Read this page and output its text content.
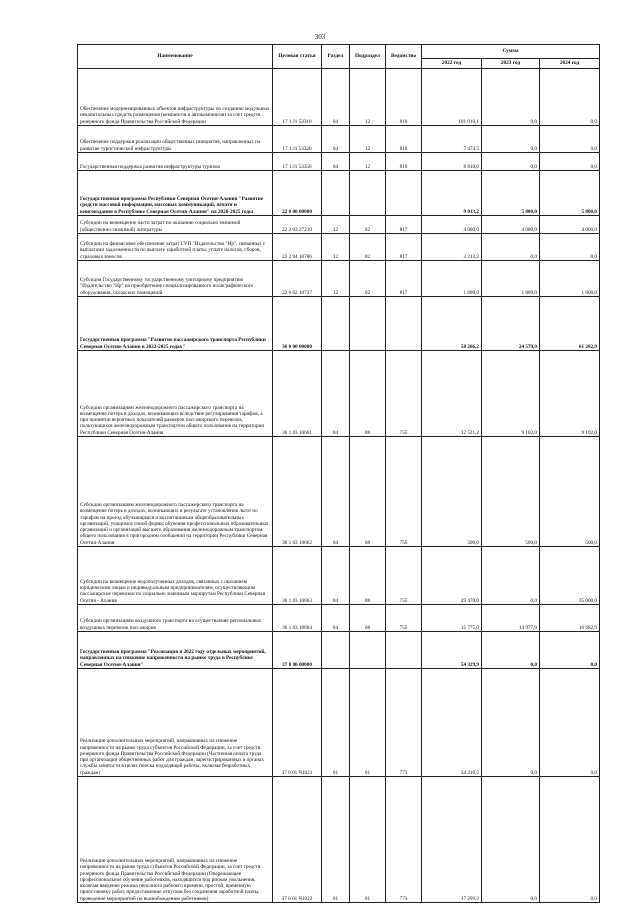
303
Наименование	Целевая статья	Раздел	Подраздел	Ведомство	Сумма		
					2022 год	2023 год	2024 год
Обеспечение модернизированных объектов инфраструктуры по созданию модульных некапитальных средств размещения (кемпингов и автокемпингов) за счет средств резервного фонда Правительства Российской Федерации	17 1 J1 53310	04	12	810	101 010,1	0,0	0,0
Обеспечение поддержки реализации общественных инициатив, направленных на развитие туристической инфраструктуры	17 1 J1 53320	04	12	810	7 474,5	0,0	0,0
Государственная поддержка развития инфраструктуры туризма	17 1 J1 53350	04	12	810	8 810,0	0,0	0,0
Государственная программа Республики Северная Осетия-Алания "Развитие средств массовой информации, массовых коммуникаций, печати и книгоиздания в Республике Северная Осетия-Алания" на 2020-2025 годы	22 0 00 00000				9 013,2	5 800,0	5 800,0
Субсидии на возмещение части затрат по оказанию социально значимой (общественно-значимой) литературы	22 2 03 27210	12	02	817	4 000,0	4 000,0	4 000,0
Субсидии на финансовое обеспечение затрат ГУП "Издательство "Ир", связанных с выплатами задолженности по выплате заработной платы, уплате налогов, сборов, страховых взносов	22 2 04 10706	12	02	817	3 213,2	0,0	0,0
Субсидия Государственному государственному унитарному предприятию "Издательство "Ир" на приобретение специализированного полиграфического оборудования, складских помещений	22 6 02 10727	12	02	817	1 800,0	1 800,0	1 800,0
Государственная программа "Развитие пассажирского транспорта Республики Северная Осетия-Алания в 2022-2025 годах"	36 0 00 00000				58 266,2	24 579,9	61 282,9
Субсидии организациям железнодорожного пассажирского транспорта на возмещение потерь в доходах, возникающих вследствие регулирования тарифов, а при принятии вероятных показателей размеров пассажирского перевозок, пользующихся железнодорожным транспортом общего пользования на территории Республики Северная Осетия-Алания	36 1 03 10661	04	08	755	12 521,2	9 102,0	9 102,0
Субсидии организациям железнодорожного пассажирского транспорта на возмещение потерь в доходах, возникающих в результате установления льгот по тарифам на проезд обучающимся и воспитанникам общеобразовательных организаций, учащимся очной формы обучения профессиональных образовательных организаций и организаций высшего образования железнодорожным транспортом общего пользования в пригородном сообщении на территории Республики Северная Осетия-Алания	36 1 03 10662	04	08	755	500,0	500,0	500,0
Субсидии на возмещение недополученных доходов, связанных с оказанием юридическим лицам и индивидуальным предпринимателям, осуществляющим пассажирские перевозки по социально значимым маршрутам Республики Северная Осетия - Алания	36 1 03 10663	04	08	755	29 470,0	0,0	35 000,0
Субсидии организациям воздушного транспорта на осуществление региональных воздушных перевозок пассажиров	36 1 03 10664	04	08	755	15 775,0	14 977,9	16 682,9
Государственная программа "Реализация в 2022 году отдельных мероприятий, направленных на снижение напряженности на рынке труда в Республике Северная Осетия-Алания"	37 0 00 00000				54 329,9	0,0	0,0
Реализация дополнительных мероприятий, направленных на снижение напряженности на рынке труда субъектов Российской Федерации, за счет средств резервного фонда Правительства Российской Федерации (Частичная оплата труда при организации общественных работ для граждан, зарегистрированных в органах службы занятости в целях поиска подходящей работы, включая безработных граждан)	37 0 01 Ч1021	01	01	773	34 210,5	0,0	0,0
Реализация дополнительных мероприятий, направленных на снижение напряженности на рынке труда субъектов Российской Федерации, за счет средств резервного фонда Правительства Российской Федерации (Опережающее профессиональное обучение работников, находящихся под риском увольнения, включая введение режима неполного рабочего времени, простой, временную приостановку работ, предоставление отпусков без сохранения заработной платы, проведение мероприятий по высвобождению работников)	37 0 01 Ч1022	01	01	773	17 299,2	0,0	0,0
